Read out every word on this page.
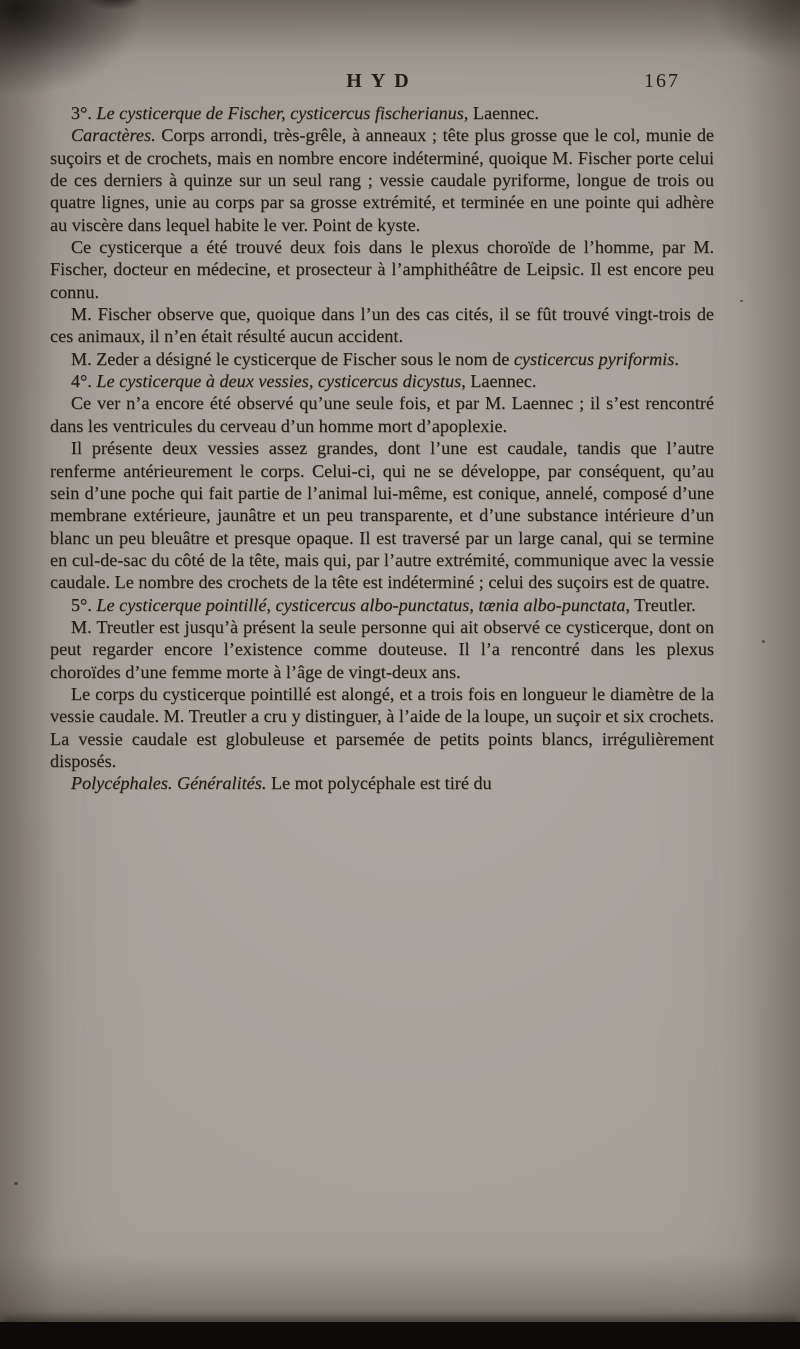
HYD	167

3°. Le cysticerque de Fischer, cysticercus fischerianus, Laennec.

Caractères. Corps arrondi, très-grêle, à anneaux ; tête plus grosse que le col, munie de suçoirs et de crochets, mais en nombre encore indéterminé, quoique M. Fischer porte celui de ces derniers à quinze sur un seul rang ; vessie caudale pyriforme, longue de trois ou quatre lignes, unie au corps par sa grosse extrémité, et terminée en une pointe qui adhère au viscère dans lequel habite le ver. Point de kyste.

Ce cysticerque a été trouvé deux fois dans le plexus choroïde de l’homme, par M. Fischer, docteur en médecine, et prosecteur à l’amphithéâtre de Leipsic. Il est encore peu connu.

M. Fischer observe que, quoique dans l’un des cas cités, il se fût trouvé vingt-trois de ces animaux, il n’en était résulté aucun accident.

M. Zeder a désigné le cysticerque de Fischer sous le nom de cysticercus pyriformis.

4°. Le cysticerque à deux vessies, cysticercus dicystus, Laennec.

Ce ver n’a encore été observé qu’une seule fois, et par M. Laennec ; il s’est rencontré dans les ventricules du cerveau d’un homme mort d’apoplexie.

Il présente deux vessies assez grandes, dont l’une est caudale, tandis que l’autre renferme antérieurement le corps. Celui-ci, qui ne se développe, par conséquent, qu’au sein d’une poche qui fait partie de l’animal lui-même, est conique, annelé, composé d’une membrane extérieure, jaunâtre et un peu transparente, et d’une substance intérieure d’un blanc un peu bleuâtre et presque opaque. Il est traversé par un large canal, qui se termine en cul-de-sac du côté de la tête, mais qui, par l’autre extrémité, communique avec la vessie caudale. Le nombre des crochets de la tête est indéterminé ; celui des suçoirs est de quatre.

5°. Le cysticerque pointillé, cysticercus albo-punctatus, tænia albo-punctata, Treutler.

M. Treutler est jusqu’à présent la seule personne qui ait observé ce cysticerque, dont on peut regarder encore l’existence comme douteuse. Il l’a rencontré dans les plexus choroïdes d’une femme morte à l’âge de vingt-deux ans.

Le corps du cysticerque pointillé est alongé, et a trois fois en longueur le diamètre de la vessie caudale. M. Treutler a cru y distinguer, à l’aide de la loupe, un suçoir et six crochets. La vessie caudale est globuleuse et parsemée de petits points blancs, irrégulièrement disposés.

Polycéphales. Généralités. Le mot polycéphale est tiré du
